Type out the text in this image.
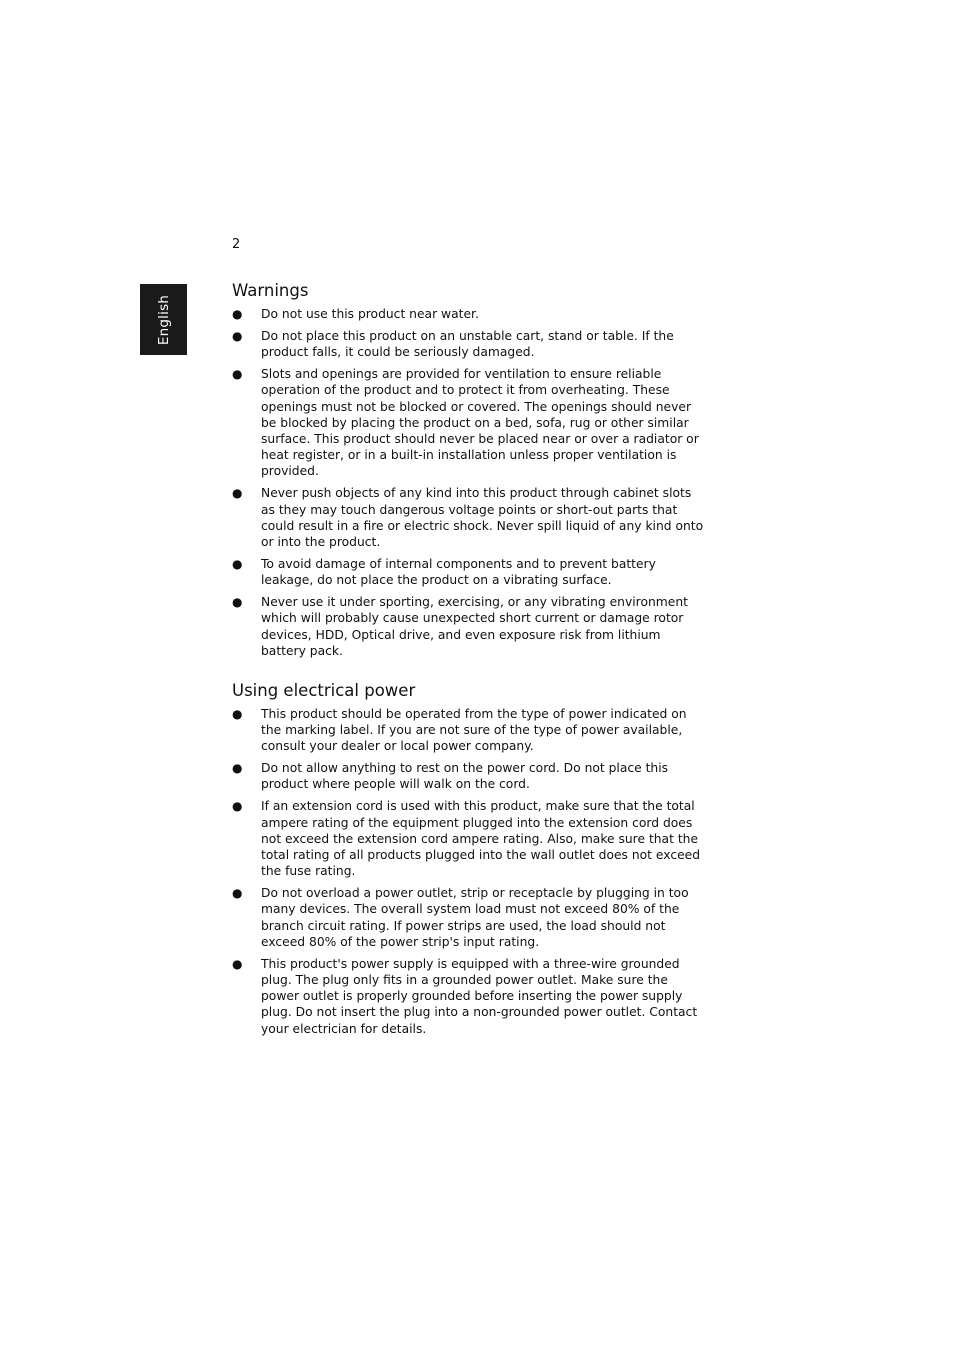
2
English
Warnings
● Do not use this product near water.
● Do not place this product on an unstable cart, stand or table. If the product falls, it could be seriously damaged.
● Slots and openings are provided for ventilation to ensure reliable operation of the product and to protect it from overheating. These openings must not be blocked or covered. The openings should never be blocked by placing the product on a bed, sofa, rug or other similar surface. This product should never be placed near or over a radiator or heat register, or in a built-in installation unless proper ventilation is provided.
● Never push objects of any kind into this product through cabinet slots as they may touch dangerous voltage points or short-out parts that could result in a fire or electric shock. Never spill liquid of any kind onto or into the product.
● To avoid damage of internal components and to prevent battery leakage, do not place the product on a vibrating surface.
● Never use it under sporting, exercising, or any vibrating environment which will probably cause unexpected short current or damage rotor devices, HDD, Optical drive, and even exposure risk from lithium battery pack.
Using electrical power
● This product should be operated from the type of power indicated on the marking label. If you are not sure of the type of power available, consult your dealer or local power company.
● Do not allow anything to rest on the power cord. Do not place this product where people will walk on the cord.
● If an extension cord is used with this product, make sure that the total ampere rating of the equipment plugged into the extension cord does not exceed the extension cord ampere rating. Also, make sure that the total rating of all products plugged into the wall outlet does not exceed the fuse rating.
● Do not overload a power outlet, strip or receptacle by plugging in too many devices. The overall system load must not exceed 80% of the branch circuit rating. If power strips are used, the load should not exceed 80% of the power strip's input rating.
● This product's power supply is equipped with a three-wire grounded plug. The plug only fits in a grounded power outlet. Make sure the power outlet is properly grounded before inserting the power supply plug. Do not insert the plug into a non-grounded power outlet. Contact your electrician for details.
